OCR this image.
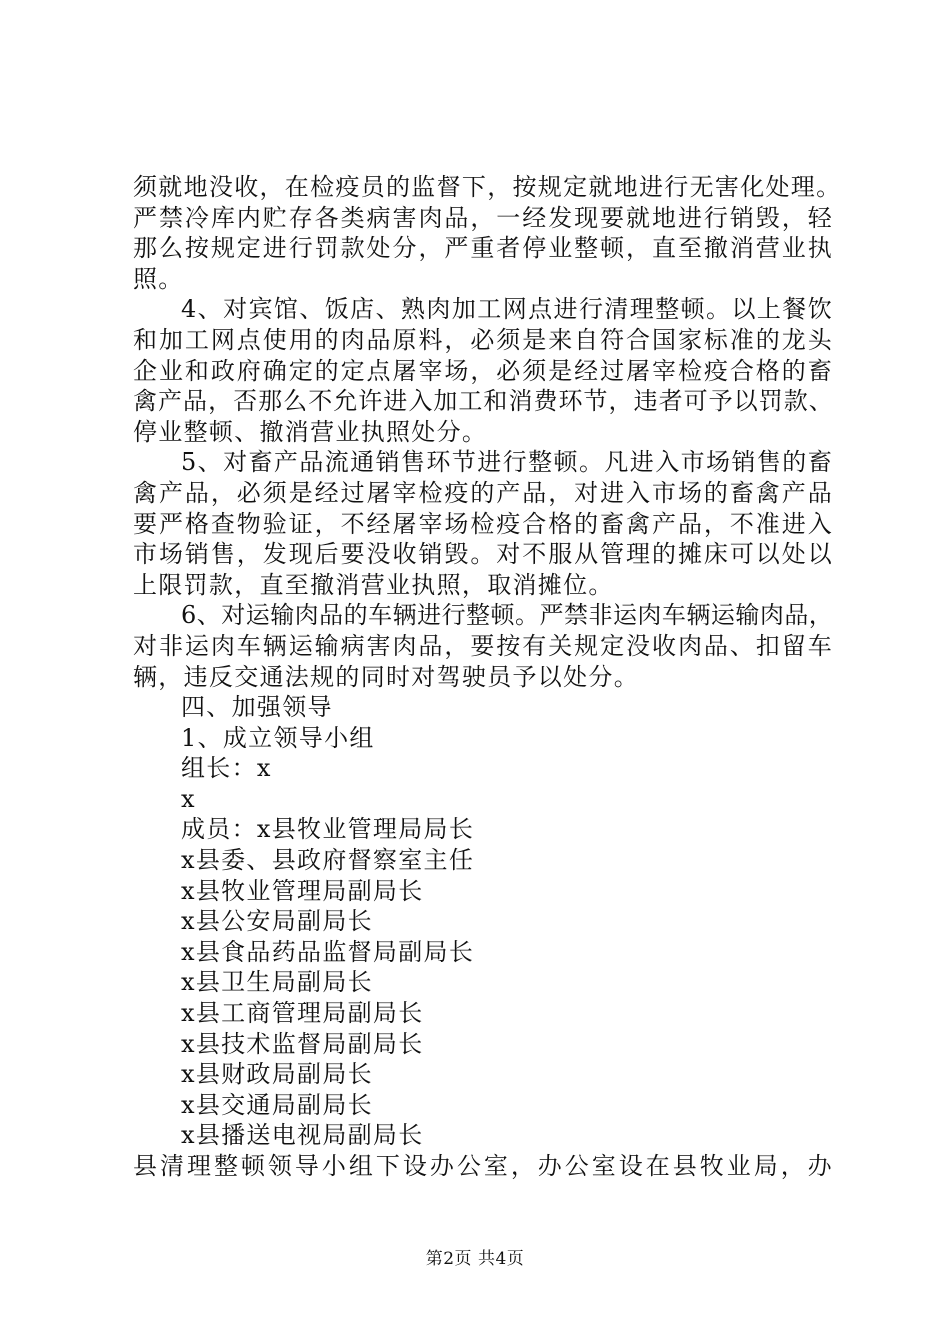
须就地没收，在检疫员的监督下，按规定就地进行无害化处理。
严禁冷库内贮存各类病害肉品，一经发现要就地进行销毁，轻
那么按规定进行罚款处分，严重者停业整顿，直至撤消营业执
照。
4、对宾馆、饭店、熟肉加工网点进行清理整顿。以上餐饮
和加工网点使用的肉品原料，必须是来自符合国家标准的龙头
企业和政府确定的定点屠宰场，必须是经过屠宰检疫合格的畜
禽产品，否那么不允许进入加工和消费环节，违者可予以罚款、
停业整顿、撤消营业执照处分。
5、对畜产品流通销售环节进行整顿。凡进入市场销售的畜
禽产品，必须是经过屠宰检疫的产品，对进入市场的畜禽产品
要严格查物验证，不经屠宰场检疫合格的畜禽产品，不准进入
市场销售，发现后要没收销毁。对不服从管理的摊床可以处以
上限罚款，直至撤消营业执照，取消摊位。
6、对运输肉品的车辆进行整顿。严禁非运肉车辆运输肉品，
对非运肉车辆运输病害肉品，要按有关规定没收肉品、扣留车
辆，违反交通法规的同时对驾驶员予以处分。
四、加强领导
1、成立领导小组
组长：x
x
成员：x县牧业管理局局长
x县委、县政府督察室主任
x县牧业管理局副局长
x县公安局副局长
x县食品药品监督局副局长
x县卫生局副局长
x县工商管理局副局长
x县技术监督局副局长
x县财政局副局长
x县交通局副局长
x县播送电视局副局长
县清理整顿领导小组下设办公室，办公室设在县牧业局，办
第2页 共4页
